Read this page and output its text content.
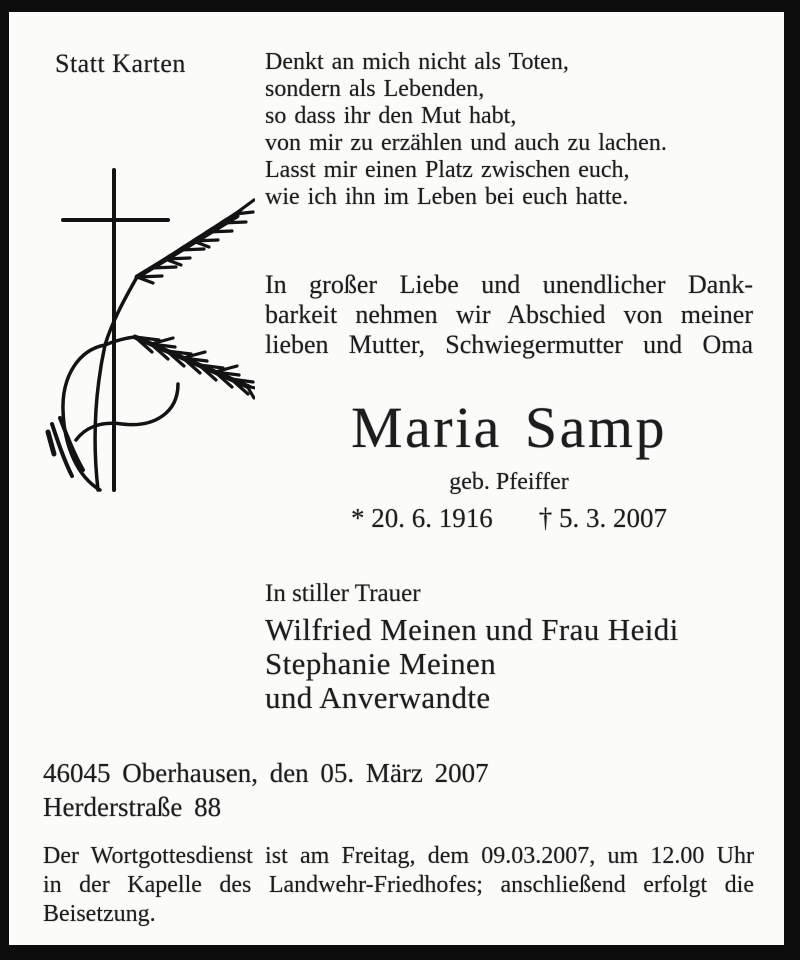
Statt Karten	Denkt an mich nicht als Toten,
sondern als Lebenden,
so dass ihr den Mut habt,
von mir zu erzählen und auch zu lachen.
Lasst mir einen Platz zwischen euch,
wie ich ihn im Leben bei euch hatte.
In großer Liebe und unendlicher Dank-
barkeit nehmen wir Abschied von meiner
lieben Mutter, Schwiegermutter und Oma
Maria Samp
geb. Pfeiffer
* 20. 6. 1916 † 5. 3. 2007
In stiller Trauer
Wilfried Meinen und Frau Heidi
Stephanie Meinen
und Anverwandte
46045 Oberhausen, den 05. März 2007
Herderstraße 88
Der Wortgottesdienst ist am Freitag, dem 09.03.2007, um 12.00 Uhr
in der Kapelle des Landwehr-Friedhofes; anschließend erfolgt die
Beisetzung.
